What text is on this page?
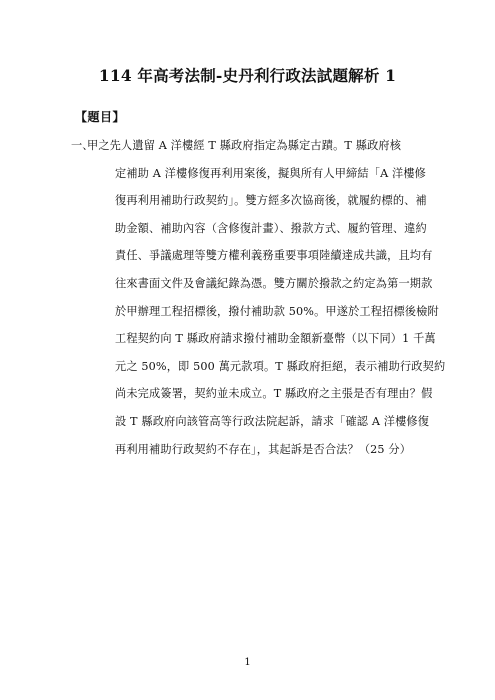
114 年高考法制-史丹利行政法試題解析 1
【題目】
一、
甲之先人遺留 A 洋樓經 T 縣政府指定為縣定古蹟。T 縣政府核
定補助 A 洋樓修復再利用案後，擬與所有人甲締結「A 洋樓修
復再利用補助行政契約」。雙方經多次協商後，就履約標的、補
助金額、補助內容（含修復計畫）、撥款方式、履約管理、違約
責任、爭議處理等雙方權利義務重要事項陸續達成共識，且均有
往來書面文件及會議紀錄為憑。雙方關於撥款之約定為第一期款
於甲辦理工程招標後，撥付補助款 50%。甲遂於工程招標後檢附
工程契約向 T 縣政府請求撥付補助金額新臺幣（以下同）1 千萬
元之 50%，即 500 萬元款項。T 縣政府拒絕，表示補助行政契約
尚未完成簽署，契約並未成立。T 縣政府之主張是否有理由？假
設 T 縣政府向該管高等行政法院起訴，請求「確認 A 洋樓修復
再利用補助行政契約不存在」，其起訴是否合法？（25 分）
1
